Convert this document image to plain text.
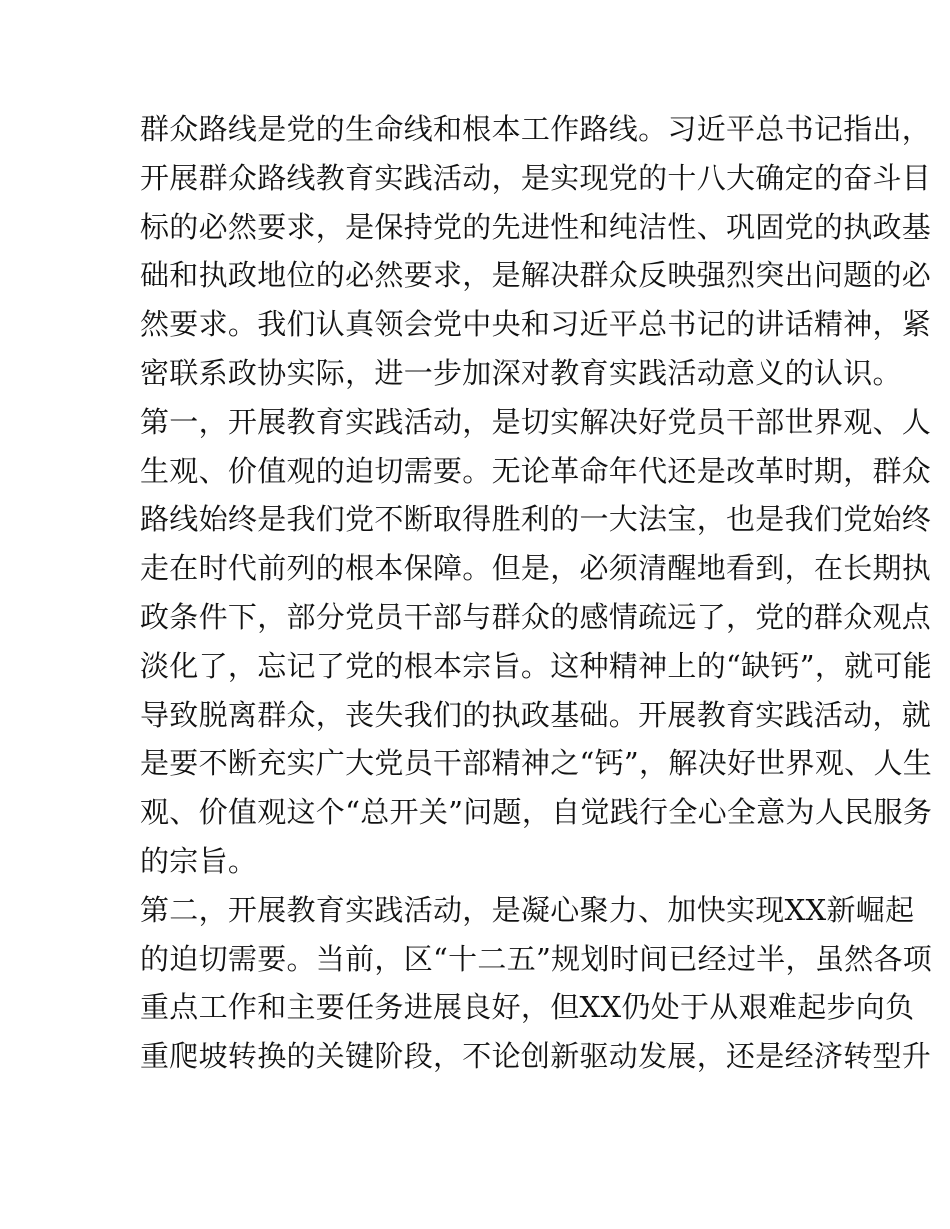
群众路线是党的生命线和根本工作路线。习近平总书记指出，
开展群众路线教育实践活动，是实现党的十八大确定的奋斗目
标的必然要求，是保持党的先进性和纯洁性、巩固党的执政基
础和执政地位的必然要求，是解决群众反映强烈突出问题的必
然要求。我们认真领会党中央和习近平总书记的讲话精神，紧
密联系政协实际，进一步加深对教育实践活动意义的认识。
第一，开展教育实践活动，是切实解决好党员干部世界观、人
生观、价值观的迫切需要。无论革命年代还是改革时期，群众
路线始终是我们党不断取得胜利的一大法宝，也是我们党始终
走在时代前列的根本保障。但是，必须清醒地看到，在长期执
政条件下，部分党员干部与群众的感情疏远了，党的群众观点
淡化了，忘记了党的根本宗旨。这种精神上的“缺钙”，就可能
导致脱离群众，丧失我们的执政基础。开展教育实践活动，就
是要不断充实广大党员干部精神之“钙”，解决好世界观、人生
观、价值观这个“总开关”问题，自觉践行全心全意为人民服务
的宗旨。
第二，开展教育实践活动，是凝心聚力、加快实现XX新崛起
的迫切需要。当前，区“十二五”规划时间已经过半，虽然各项
重点工作和主要任务进展良好，但XX仍处于从艰难起步向负
重爬坡转换的关键阶段，不论创新驱动发展，还是经济转型升
